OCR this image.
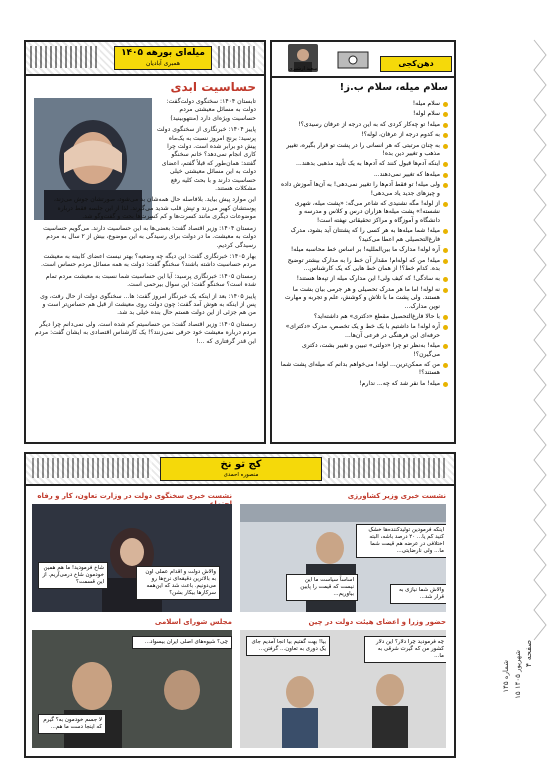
صفحه ۴
۱۵ شهریور ۱۴۰۵
شماره ۱۴۵
میله‌ای بورهه ۱۴۰۵
همبری آبادیان
حساسیت ابدی

تابستان ۱۴۰۴: سخنگوی دولت‌گفت: دولت به مسائل معیشتی مردم حساسیت ویژه‌ای دارد (منتهوبینید)

پاییز ۱۴۰۴: خبرنگاری از سخنگوی دولت پرسید: برنج امروز نسبت به یک‌ماه پیش دو برابر شده است. دولت چرا کاری انجام نمی‌دهد؟ خانم سخنگو گفتند: همان‌طور که قبلاً گفتم، اعضای دولت به این مسائل معیشتی خیلی حساسیت دارند و با بحث کلیه رفع مشکلات هستند.

این موارد پیش بیاید. بلافاصله حال همه‌شان بد می‌شود، صورتشان جوش می‌زند، پوستشان کهیر می‌زند و تپش قلب شدید می‌گیرند. لذا از این جلسه فقط درباره موضوعات دیگری مانند کسرت‌ها و کم کسرت‌ها بحث و گفت‌وگو شد.

زمستان ۱۴۰۴: وزیر اقتصاد گفت: بعضی‌ها به این حساسیت دارند. می‌گویم حساسیت دولت به معیشت. ما در دولت برای رسیدگی به این موضوع، بیش از ۲ سال به مردم رسیدگی کردیم.

بهار ۱۴۰۵: خبرنگاری گفت: این دیگه چه وضعیه؟ بهتر نیست اعضای کابینه به معیشت مردم حساسیت داشته باشند؟ سخنگو گفت: دولت به همه مسائل مردم حساس است.

زمستان ۱۴۰۵: خبرنگاری پرسید: آیا این حساسیت شما نسبت به معیشت مردم تمام شده است؟ سخنگو گفت: این سوال بیرحمی است.

پاییز ۱۴۰۵: بعد از اینکه یک خبرنگار امروز گفت: ‌ها... سخنگوی دولت از حال رفت، وی پس از اینکه به هوش آمد گفت: چون دولت روی معیشت از قبل هم حساس‌تر است و من هم جزئی از این دولت هستم حال بنده خیلی بد شد.

زمستان ۱۴۰۵: وزیر اقتصاد گفت: من حساسیتم کم شده است. ولی نمی‌دانم چرا دیگر مردم درباره معیشت خود حرفی نمی‌زنند؟! یک کارشناس اقتصادی به ایشان گفت: مردم این قدر گرفتاری که ...!

سعید ارشیری
دهن‌کجی
سلام میله، سلام ب.ز!
سلام میله!
سلام لوله!
میله! تو چه‌کار کردی که به این درجه از عرفان رسیدی؟!
به کدوم درجه از عرفان، لوله؟!
به چنان مرتبتی که هر انسانی را در پشت تو قرار بگیره، تغییر مذهب و تغییر دین بده!
اینکه آدم‌ها قبول کنند که آدم‌ها به یک تأیید مذهبی بدهند...
میله‌ها که تغییر نمی‌دهند...
ولی میله! تو فقط آدم‌ها را تغییر نمی‌دهی! به آن‌ها آموزش داده و چیزهای جدید یاد می‌دهی!
از لوله! مگه نشنیدی که شاعر می‌گه: «پشت میله، شهری نشسته!» پشت میله‌ها هزاران درس و کلاس و مدرسه و دانشگاه و آموزگاه و مراکز تحقیقاتی نهفته است!
میله! شما میله‌ها به هر کسی را که پشتتان آید بشود، مدرک فارغ‌التحصیلی هم اعطا می‌کنید؟
آره لوله! مدارک ما بین‌المللیه! بر اساس خط محاسبه میله!
میله! من که لوله‌ام! مقدار آن خط را به مدارک بیشتر توضیح بده. کدام خط؟! از همان خط هایی که یک کارشناس...
به سادگی! که کیف ولی! این مدارک میله از تپه‌ها هستند!
نه لوله! اما ما هر مدرک تحصیلی و هر جرمی بیان بشت ما هستند. ولی پشت ما با تلاش و کوشش، علم و تجربه و مهارت نوین مدارک...
با حالا فارغ‌التحصیل مقطع «دکتری» هم داشته‌اید؟
آره لوله! ما داشتیم با یک خط و یک تخصص، مدرک «دکترای» حرفه‌ای این فرهنگی در فرعی آن‌ها...
میله! به‌نظر تو چرا «دولتی» تبیین و تغییر بشت، دکتری می‌گیرن؟!
من که ممکن‌ترین... لوله! می‌خواهم بدانم که میله‌ای پشت شما هستند؟!
میله! ما نفر شد که چه... ندارم!
کج تو نخ
منصوره احمدی
نشست خبری سخنگوی دولت در وزارت تعاون، کار و رفاه
شاخ فرمودید! ما هم همین خودمون شاخ درمی‌آریم. از این قسمت؟
والاش دولت و اقدام عملی اون به بالاترین دقیقه‌ای نرخ‌ها رو می‌دونیم. باعث شد که این‌همه سرکار‌ها بیکار بشن؟
نشست خبری وزیر کشاورزی
اینکه فرمودین تولیدکننده‌ها خشک کنید کم یا... ۲۰ درصد باشه، البته اختلافی در عرضه هم قیمت شما ما... ولی نارضایتی...
اساساً سیاست ما این نیست که قیمت را پایین بیاوریم...
والاش شما نیازی به قرار شد...
مجلس شورای اسلامی
چی؟ شیوه‌های اصلی ایران بیسواد...
لا جسم خودمون به؟ گیرم که اینجا دست ما هم...
حضور وزرا و اعضای هیئت دولت در چین
چه فرمودید چرا دلار؟ این دلار کشور من که گیرت شرقی به ما...
بیا! بهت گفتیم بیا انجا آمدیم جای یک دوری به تعاون... گرفتن...
